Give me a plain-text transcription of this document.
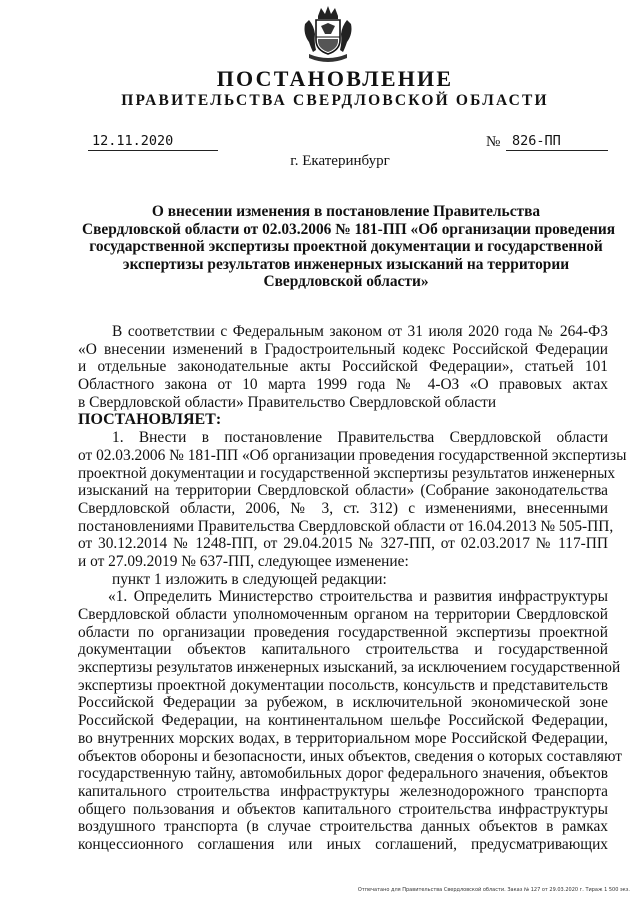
ПОСТАНОВЛЕНИЕ
ПРАВИТЕЛЬСТВА СВЕРДЛОВСКОЙ ОБЛАСТИ
12.11.2020	№ 826-ПП
г. Екатеринбург
О внесении изменения в постановление Правительства
Свердловской области от 02.03.2006 № 181-ПП «Об организации проведения
государственной экспертизы проектной документации и государственной
экспертизы результатов инженерных изысканий на территории
Свердловской области»
В соответствии с Федеральным законом от 31 июля 2020 года № 264-ФЗ
«О внесении изменений в Градостроительный кодекс Российской Федерации
и отдельные законодательные акты Российской Федерации», статьей 101
Областного закона от 10 марта 1999 года № 4-ОЗ «О правовых актах
в Свердловской области» Правительство Свердловской области
ПОСТАНОВЛЯЕТ:
1. Внести в постановление Правительства Свердловской области
от 02.03.2006 № 181-ПП «Об организации проведения государственной экспертизы
проектной документации и государственной экспертизы результатов инженерных
изысканий на территории Свердловской области» (Собрание законодательства
Свердловской области, 2006, № 3, ст. 312) с изменениями, внесенными
постановлениями Правительства Свердловской области от 16.04.2013 № 505-ПП,
от 30.12.2014 № 1248-ПП, от 29.04.2015 № 327-ПП, от 02.03.2017 № 117-ПП
и от 27.09.2019 № 637-ПП, следующее изменение:
пункт 1 изложить в следующей редакции:
«1. Определить Министерство строительства и развития инфраструктуры
Свердловской области уполномоченным органом на территории Свердловской
области по организации проведения государственной экспертизы проектной
документации объектов капитального строительства и государственной
экспертизы результатов инженерных изысканий, за исключением государственной
экспертизы проектной документации посольств, консульств и представительств
Российской Федерации за рубежом, в исключительной экономической зоне
Российской Федерации, на континентальном шельфе Российской Федерации,
во внутренних морских водах, в территориальном море Российской Федерации,
объектов обороны и безопасности, иных объектов, сведения о которых составляют
государственную тайну, автомобильных дорог федерального значения, объектов
капитального строительства инфраструктуры железнодорожного транспорта
общего пользования и объектов капитального строительства инфраструктуры
воздушного транспорта (в случае строительства данных объектов в рамках
концессионного соглашения или иных соглашений, предусматривающих
Отпечатано для Правительства Свердловской области. Заказ № 127 от 29.03.2020 г. Тираж 1 500 экз.
